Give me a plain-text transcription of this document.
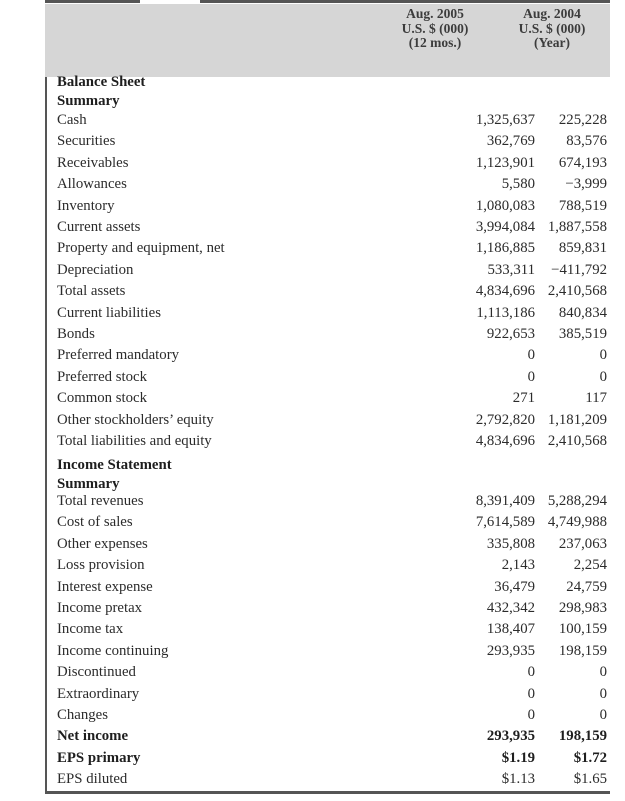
Aug. 2005
U.S. $ (000)
(12 mos.)
Aug. 2004
U.S. $ (000)
(Year)
Balance Sheet
Summary
Cash	1,325,637 225,228
Securities	362,769 83,576
Receivables	1,123,901 674,193
Allowances	5,580 −3,999
Inventory	1,080,083 788,519
Current assets	3,994,084 1,887,558
Property and equipment, net	1,186,885 859,831
Depreciation	533,311 −411,792
Total assets	4,834,696 2,410,568
Current liabilities	1,113,186 840,834
Bonds	922,653 385,519
Preferred mandatory	0	0
Preferred stock	0	0
Common stock	271	117
Other stockholders’ equity	2,792,820 1,181,209
Total liabilities and equity	4,834,696 2,410,568
Income Statement
Summary
Total revenues	8,391,409 5,288,294
Cost of sales	7,614,589 4,749,988
Other expenses	335,808 237,063
Loss provision	2,143	2,254
Interest expense	36,479 24,759
Income pretax	432,342 298,983
Income tax	138,407 100,159
Income continuing	293,935 198,159
Discontinued	0	0
Extraordinary	0	0
Changes	0	0
Net income	293,935 198,159
EPS primary	$1.19	$1.72
EPS diluted	$1.13	$1.65
